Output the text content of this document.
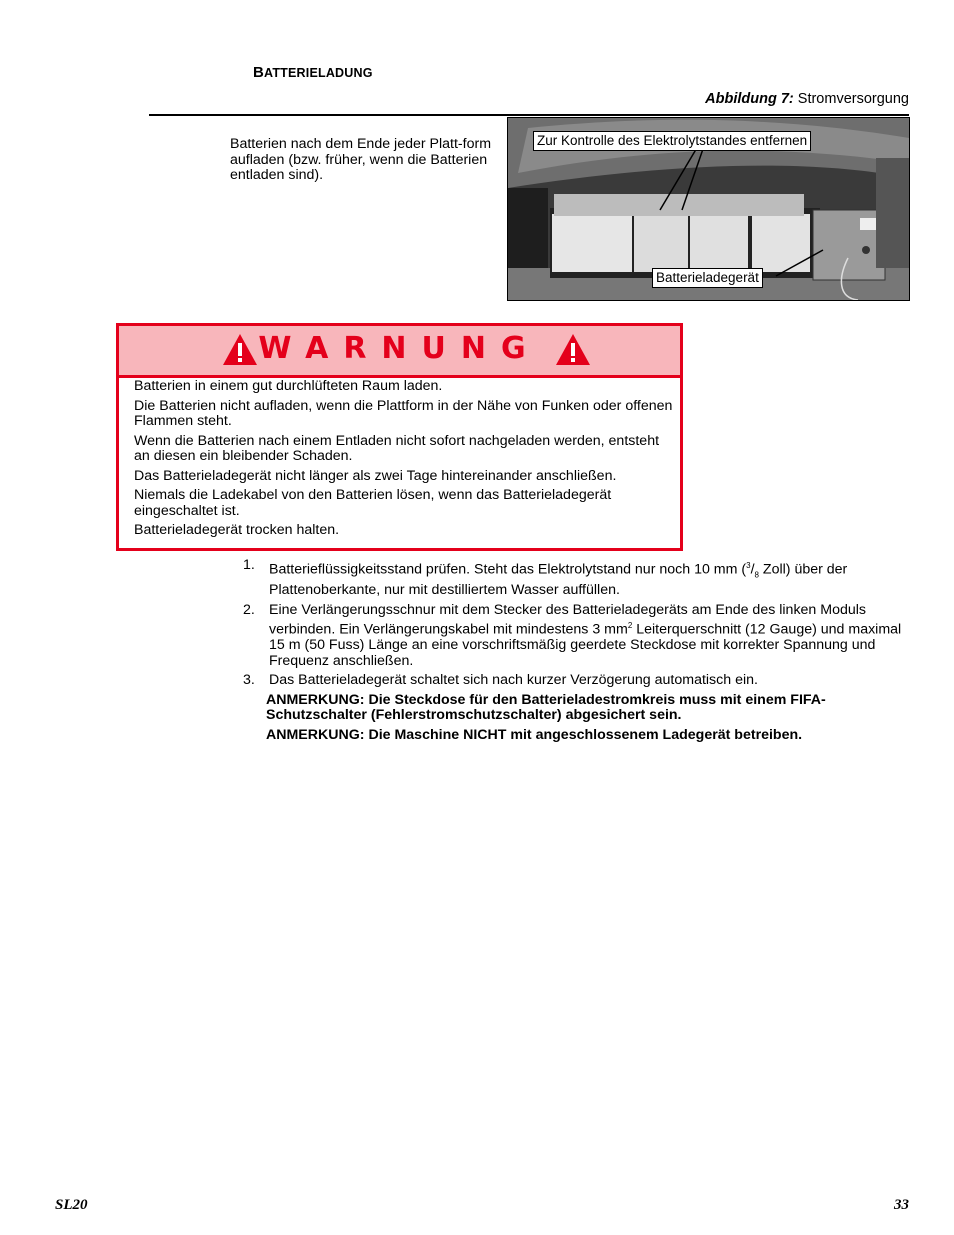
BATTERIELADUNG
Abbildung 7: Stromversorgung
Batterien nach dem Ende jeder Platt-form aufladen (bzw. früher, wenn die Batterien entladen sind).
Zur Kontrolle des Elektrolytstandes entfernen
Batterieladegerät
WARNUNG

Batterien in einem gut durchlüfteten Raum laden.

Die Batterien nicht aufladen, wenn die Plattform in der Nähe von Funken oder offenen Flammen steht.

Wenn die Batterien nach einem Entladen nicht sofort nachgeladen werden, entsteht an diesen ein bleibender Schaden.

Das Batterieladegerät nicht länger als zwei Tage hintereinander anschließen.

Niemals die Ladekabel von den Batterien lösen, wenn das Batterieladegerät eingeschaltet ist.

Batterieladegerät trocken halten.

1. Batterieflüssigkeitsstand prüfen. Steht das Elektrolytstand nur noch 10 mm ($^3/_8$ Zoll) über der Plattenoberkante, nur mit destilliertem Wasser auffüllen.
2. Eine Verlängerungsschnur mit dem Stecker des Batterieladegeräts am Ende des linken Moduls verbinden. Ein Verlängerungskabel mit mindestens 3 $mm^2$ Leiterquerschnitt (12 Gauge) und maximal 15 m (50 Fuss) Länge an eine vorschriftsmäßig geerdete Steckdose mit korrekter Spannung und Frequenz anschließen.
3. Das Batterieladegerät schaltet sich nach kurzer Verzögerung automatisch ein.
ANMERKUNG: Die Steckdose für den Batterieladestromkreis muss mit einem FIFA-Schutzschalter (Fehlerstromschutzschalter) abgesichert sein.
ANMERKUNG: Die Maschine NICHT mit angeschlossenem Ladegerät betreiben.
SL20	33
